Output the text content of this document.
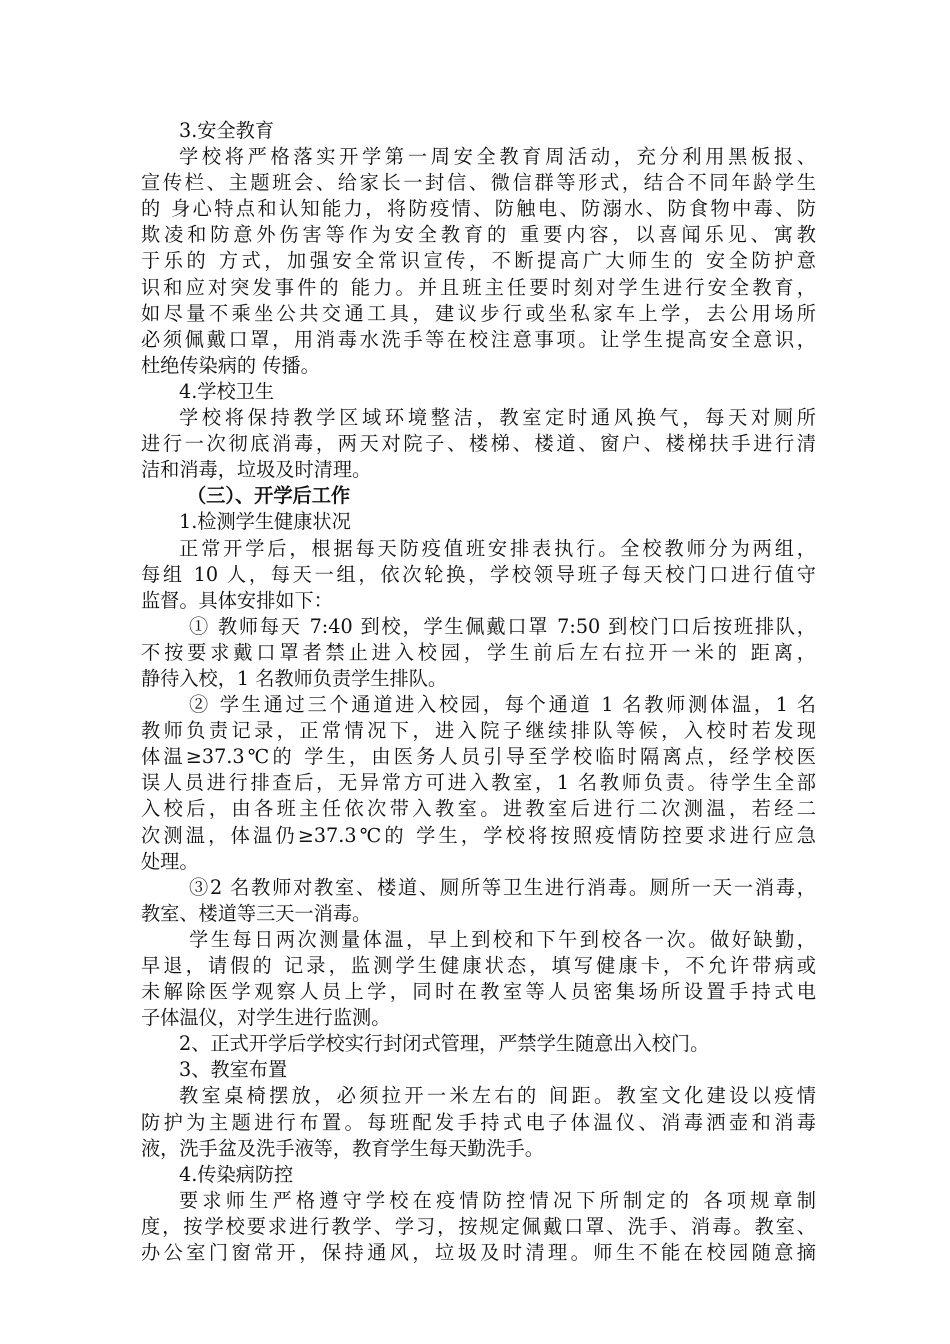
3.安全教育
学校将严格落实开学第一周安全教育周活动，充分利用黑板报、
宣传栏、主题班会、给家长一封信、微信群等形式，结合不同年龄学生
的 身心特点和认知能力，将防疫情、防触电、防溺水、防食物中毒、防
欺凌和防意外伤害等作为安全教育的 重要内容，以喜闻乐见、寓教
于乐的 方式，加强安全常识宣传，不断提高广大师生的 安全防护意
识和应对突发事件的 能力。并且班主任要时刻对学生进行安全教育，
如尽量不乘坐公共交通工具，建议步行或坐私家车上学，去公用场所
必须佩戴口罩，用消毒水洗手等在校注意事项。让学生提高安全意识，
杜绝传染病的 传播。
4.学校卫生
学校将保持教学区域环境整洁，教室定时通风换气，每天对厕所
进行一次彻底消毒，两天对院子、楼梯、楼道、窗户、楼梯扶手进行清
洁和消毒，垃圾及时清理。
（三）、开学后工作
1.检测学生健康状况
正常开学后，根据每天防疫值班安排表执行。全校教师分为两组，
每组 10 人，每天一组，依次轮换，学校领导班子每天校门口进行值守
监督。具体安排如下：
① 教师每天 7:40 到校，学生佩戴口罩 7:50 到校门口后按班排队，
不按要求戴口罩者禁止进入校园，学生前后左右拉开一米的 距离，
静待入校，1 名教师负责学生排队。
② 学生通过三个通道进入校园，每个通道 1 名教师测体温，1 名
教师负责记录，正常情况下，进入院子继续排队等候，入校时若发现
体温≥37.3℃的 学生，由医务人员引导至学校临时隔离点，经学校医
误人员进行排查后，无异常方可进入教室，1 名教师负责。待学生全部
入校后，由各班主任依次带入教室。进教室后进行二次测温，若经二
次测温，体温仍≥37.3℃的 学生，学校将按照疫情防控要求进行应急
处理。
③2 名教师对教室、楼道、厕所等卫生进行消毒。厕所一天一消毒，
教室、楼道等三天一消毒。
学生每日两次测量体温，早上到校和下午到校各一次。做好缺勤，
早退，请假的 记录，监测学生健康状态，填写健康卡，不允许带病或
未解除医学观察人员上学，同时在教室等人员密集场所设置手持式电
子体温仪，对学生进行监测。
2、正式开学后学校实行封闭式管理，严禁学生随意出入校门。
3、教室布置
教室桌椅摆放，必须拉开一米左右的 间距。教室文化建设以疫情
防护为主题进行布置。每班配发手持式电子体温仪、消毒洒壶和消毒
液，洗手盆及洗手液等，教育学生每天勤洗手。
4.传染病防控
要求师生严格遵守学校在疫情防控情况下所制定的 各项规章制
度，按学校要求进行教学、学习，按规定佩戴口罩、洗手、消毒。教室、
办公室门窗常开，保持通风，垃圾及时清理。师生不能在校园随意摘
